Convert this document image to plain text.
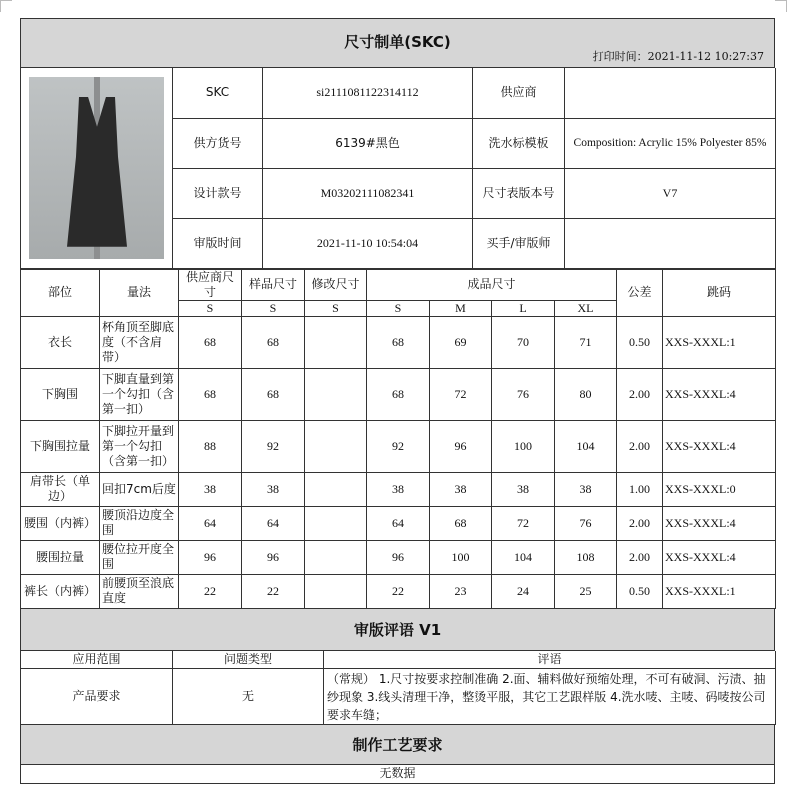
尺寸制单(SKC)
打印时间：2021-11-12 10:27:37
	SKC	si2111081122314112	供应商	
	供方货号	6139#黑色	洗水标模板	Composition: Acrylic 15% Polyester 85%
	设计款号	M03202111082341	尺寸表版本号	V7
	审版时间	2021-11-10 10:54:04	买手/审版师	
部位	量法	供应商尺寸	样品尺寸	修改尺寸	成品尺寸				公差	跳码
		S	S	S	S	M	L	XL		
衣长	杯角顶至脚底度（不含肩带）	68	68		68	69	70	71	0.50	XXS-XXXL:1
下胸围	下脚直量到第一个勾扣（含第一扣）	68	68		68	72	76	80	2.00	XXS-XXXL:4
下胸围拉量	下脚拉开量到第一个勾扣（含第一扣）	88	92		92	96	100	104	2.00	XXS-XXXL:4
肩带长（单边）	回扣7cm后度	38	38		38	38	38	38	1.00	XXS-XXXL:0
腰围（内裤）	腰顶沿边度全围	64	64		64	68	72	76	2.00	XXS-XXXL:4
腰围拉量	腰位拉开度全围	96	96		96	100	104	108	2.00	XXS-XXXL:4
裤长（内裤）	前腰顶至浪底直度	22	22		22	23	24	25	0.50	XXS-XXXL:1
审版评语 V1
应用范围	问题类型	评语
产品要求	无	（常规） 1.尺寸按要求控制准确 2.面、辅料做好预缩处理，不可有破洞、污渍、抽纱现象 3.线头清理干净，整烫平服，其它工艺跟样版 4.洗水唛、主唛、码唛按公司要求车缝；
制作工艺要求
无数据
